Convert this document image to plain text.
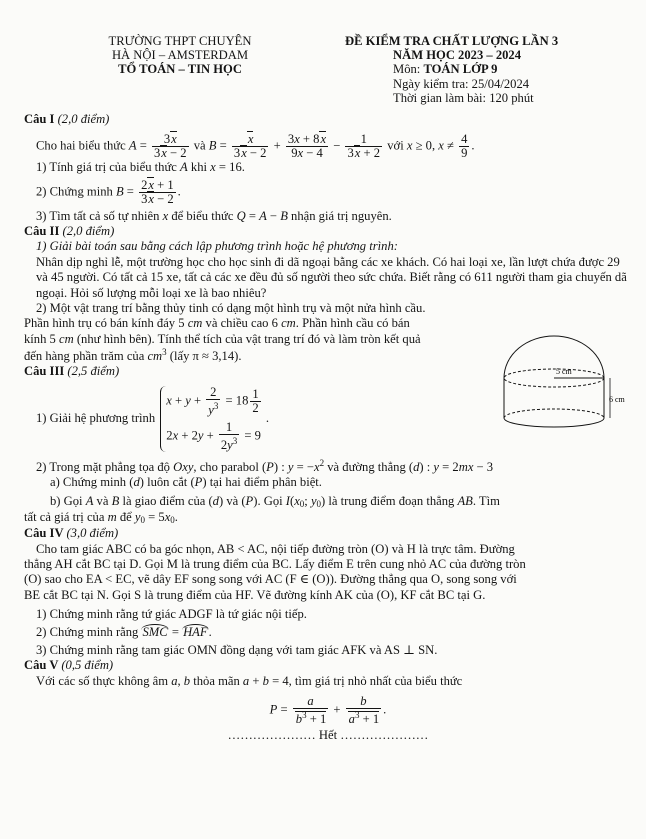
TRƯỜNG THPT CHUYÊN
HÀ NỘI – AMSTERDAM
TỔ TOÁN – TIN HỌC
ĐỀ KIỂM TRA CHẤT LƯỢNG LẦN 3
NĂM HỌC 2023 – 2024
Môn: TOÁN LỚP 9
Ngày kiểm tra: 25/04/2024
Thời gian làm bài: 120 phút
Câu I (2,0 điểm)
Cho hai biểu thức $A = \frac{3x}{3x - 2}$ và $B = \frac{x}{3x - 2} + \frac{3x + 8x}{9x - 4} - \frac{1}{3x + 2}$ với x ≥ 0, $x \ne \frac{4}{9}$ .
1) Tính giá trị của biểu thức A khi x = 16.
2) Chứng minh $B = \frac{2x + 1}{3x - 2}$ .
3) Tìm tất cả số tự nhiên x để biểu thức Q = A − B nhận giá trị nguyên.
Câu II (2,0 điểm)
1) Giải bài toán sau bằng cách lập phương trình hoặc hệ phương trình:
Nhân dịp nghỉ lễ, một trường học cho học sinh đi dã ngoại bằng các xe khách. Có hai loại xe, lần lượt chứa được 29 và 45 người. Có tất cả 15 xe, tất cả các xe đều đủ số người theo sức chứa. Biết rằng có 611 người tham gia chuyến dã ngoại. Hỏi số lượng mỗi loại xe là bao nhiêu?
2) Một vật trang trí bằng thủy tinh có dạng một hình trụ và một nửa hình cầu.
Phần hình trụ có bán kính đáy 5 cm và chiều cao 6 cm. Phần hình cầu có bán
kính 5 cm (như hình bên). Tính thể tích của vật trang trí đó và làm tròn kết quả
đến hàng phần trăm của $cm^3$ (lấy π ≈ 3,14).
Câu III (2,5 điểm)
1) Giải hệ phương trình
$x + y + \frac{2}{y^3} = 18 \frac{1}{2}$
$2x + 2y + \frac{1}{2y^3} = 9$
.
2) Trong mặt phẳng tọa độ Oxy, cho parabol (P) : $y = -x^2$ và đường thẳng (d) : y = 2mx − 3
a) Chứng minh (d) luôn cắt (P) tại hai điểm phân biệt.
b) Gọi A và B là giao điểm của (d) và (P). Gọi $I(x_0$; $y_0$) là trung điểm đoạn thẳng AB. Tìm
tất cả giá trị của m để $y_0 = 5x_0$.
Câu IV (3,0 điểm)
Cho tam giác ABC có ba góc nhọn, AB < AC, nội tiếp đường tròn (O) và H là trực tâm. Đường
thẳng AH cắt BC tại D. Gọi M là trung điểm của BC. Lấy điểm E trên cung nhỏ AC của đường tròn
(O) sao cho EA < EC, vẽ dây EF song song với AC (F ∈ (O)). Đường thẳng qua O, song song với
BE cắt BC tại N. Gọi S là trung điểm của HF. Vẽ đường kính AK của (O), KF cắt BC tại G.
1) Chứng minh rằng tứ giác ADGF là tứ giác nội tiếp.
2) Chứng minh rằng SMC = HAF.
3) Chứng minh rằng tam giác OMN đồng dạng với tam giác AFK và AS ⊥ SN.
Câu V (0,5 điểm)
Với các số thực không âm a, b thỏa mãn a + b = 4, tìm giá trị nhỏ nhất của biểu thức
$P = \frac{a}{b^3 + 1} + \frac{b}{a^3 + 1}$ .
………………… Hết …………………
5 cm
6 cm
